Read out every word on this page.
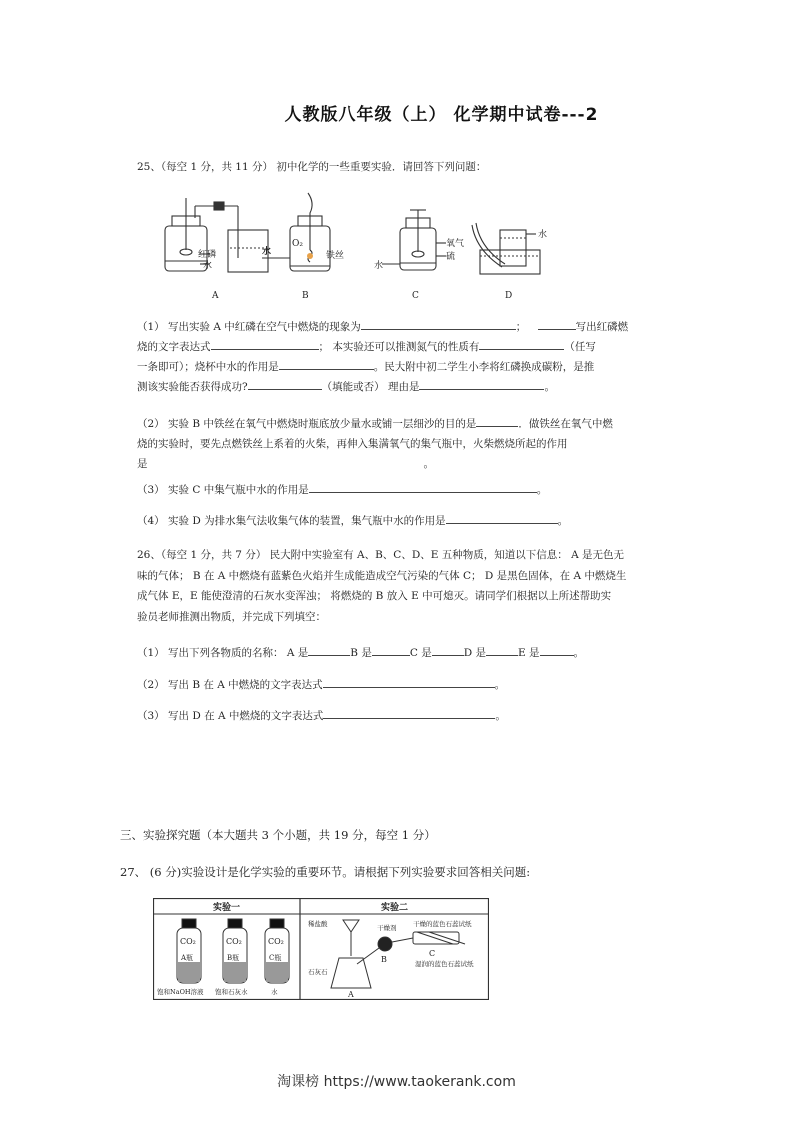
人教版八年级（上） 化学期中试卷---2
25、（每空 1 分，共 11 分） 初中化学的一些重要实验．请回答下列问题：
红磷
水
A
O₂
铁丝
水
B
氧气
硫
水
C
水
D
（1） 写出实验 A 中红磷在空气中燃烧的现象为	；	写出红磷燃
烧的文字表达式	； 本实验还可以推测氮气的性质有	（任写
一条即可）；烧杯中水的作用是	。民大附中初二学生小李将红磷换成碳粉，是推
测该实验能否获得成功?	（填能或否） 理由是	。
（2） 实验 B 中铁丝在氧气中燃烧时瓶底放少量水或铺一层细沙的目的是	．做铁丝在氧气中燃
烧的实验时，要先点燃铁丝上系着的火柴，再伸入集满氧气的集气瓶中，火柴燃烧所起的作用
是	。
（3） 实验 C 中集气瓶中水的作用是	。
（4） 实验 D 为排水集气法收集气体的装置，集气瓶中水的作用是	。
26、（每空 1 分，共 7 分） 民大附中实验室有 A、B、C、D、E 五种物质，知道以下信息： A 是无色无
味的气体； B 在 A 中燃烧有蓝紫色火焰并生成能造成空气污染的气体 C； D 是黑色固体，在 A 中燃烧生
成气体 E，E 能使澄清的石灰水变浑浊； 将燃烧的 B 放入 E 中可熄灭。请同学们根据以上所述帮助实
验员老师推测出物质，并完成下列填空：
（1） 写出下列各物质的名称： A 是	B 是	C 是	D 是	E 是	。
（2） 写出 B 在 A 中燃烧的文字表达式	。
（3） 写出 D 在 A 中燃烧的文字表达式	。
三、实验探究题（本大题共 3 个小题，共 19 分，每空 1 分）
27、 (6 分)实验设计是化学实验的重要环节。请根据下列实验要求回答相关问题:
实验一	实验二
CO₂	CO₂	CO₂
A瓶	B瓶	C瓶
饱和NaOH溶液 饱和石灰水	水
稀盐酸
石灰石
干燥剂	干燥的蓝色石蕊试纸
湿润的蓝色石蕊试纸
A
B
C
淘课榜 https://www.taokerank.com
